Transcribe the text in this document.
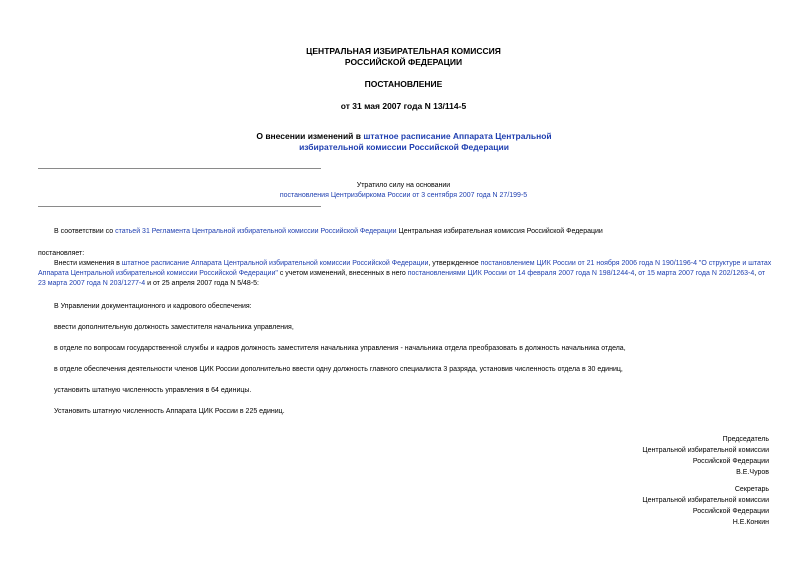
ЦЕНТРАЛЬНАЯ ИЗБИРАТЕЛЬНАЯ КОМИССИЯ
РОССИЙСКОЙ ФЕДЕРАЦИИ
ПОСТАНОВЛЕНИЕ
от 31 мая 2007 года N 13/114-5
О внесении изменений в штатное расписание Аппарата Центральной избирательной комиссии Российской Федерации
Утратило силу на основании
постановления Центризбиркома России от 3 сентября 2007 года N 27/199-5
В соответствии со статьей 31 Регламента Центральной избирательной комиссии Российской Федерации Центральная избирательная комиссия Российской Федерации
постановляет:
Внести изменения в штатное расписание Аппарата Центральной избирательной комиссии Российской Федерации, утвержденное постановлением ЦИК России от 21 ноября 2006 года N 190/1196-4 "О структуре и штатах Аппарата Центральной избирательной комиссии Российской Федерации" с учетом изменений, внесенных в него постановлениями ЦИК России от 14 февраля 2007 года N 198/1244-4, от 15 марта 2007 года N 202/1263-4, от 23 марта 2007 года N 203/1277-4 и от 25 апреля 2007 года N 5/48-5:
В Управлении документационного и кадрового обеспечения:
ввести дополнительную должность заместителя начальника управления,
в отделе по вопросам государственной службы и кадров должность заместителя начальника управления - начальника отдела преобразовать в должность начальника отдела,
в отделе обеспечения деятельности членов ЦИК России дополнительно ввести одну должность главного специалиста 3 разряда, установив численность отдела в 30 единиц,
установить штатную численность управления в 64 единицы.
Установить штатную численность Аппарата ЦИК России в 225 единиц.
Председатель
Центральной избирательной комиссии
Российской Федерации
В.Е.Чуров
Секретарь
Центральной избирательной комиссии
Российской Федерации
Н.Е.Конкин
